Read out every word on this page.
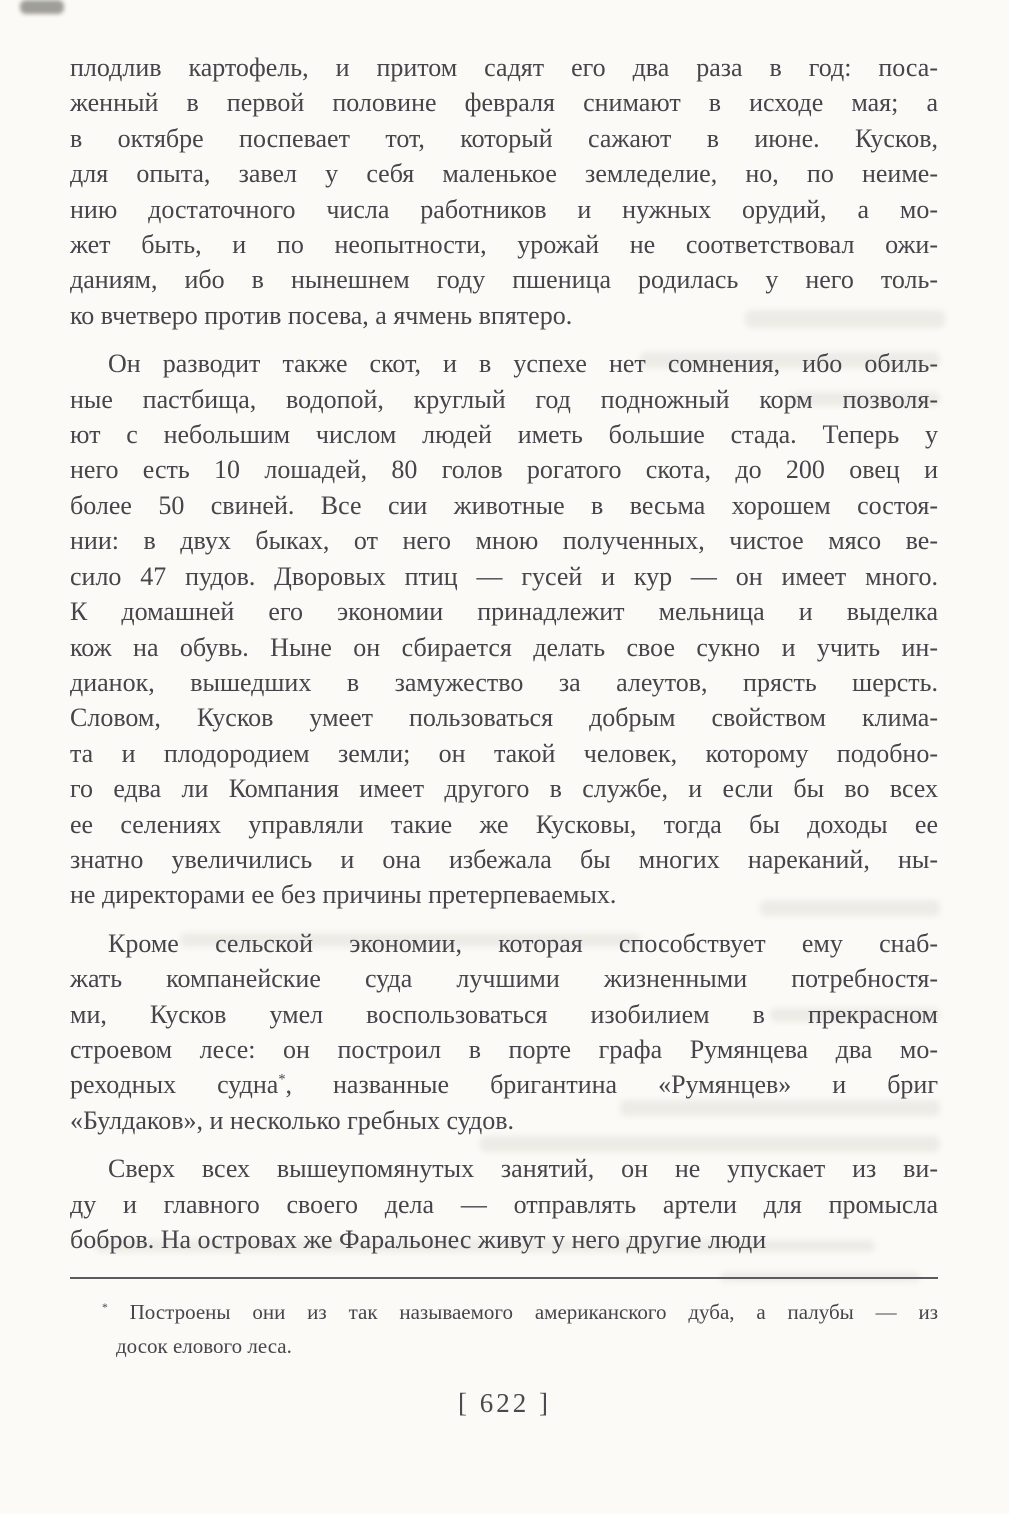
плодлив картофель, и притом садят его два раза в год: поса-
женный в первой половине февраля снимают в исходе мая; а
в октябре поспевает тот, который сажают в июне. Кусков,
для опыта, завел у себя маленькое земледелие, но, по неиме-
нию достаточного числа работников и нужных орудий, а мо-
жет быть, и по неопытности, урожай не соответствовал ожи-
даниям, ибо в нынешнем году пшеница родилась у него толь-
ко вчетверо против посева, а ячмень впятеро.
Он разводит также скот, и в успехе нет сомнения, ибо обиль-
ные пастбища, водопой, круглый год подножный корм позволя-
ют с небольшим числом людей иметь большие стада. Теперь у
него есть 10 лошадей, 80 голов рогатого скота, до 200 овец и
более 50 свиней. Все сии животные в весьма хорошем состоя-
нии: в двух быках, от него мною полученных, чистое мясо ве-
сило 47 пудов. Дворовых птиц — гусей и кур — он имеет много.
К домашней его экономии принадлежит мельница и выделка
кож на обувь. Ныне он сбирается делать свое сукно и учить ин-
дианок, вышедших в замужество за алеутов, прясть шерсть.
Словом, Кусков умеет пользоваться добрым свойством клима-
та и плодородием земли; он такой человек, которому подобно-
го едва ли Компания имеет другого в службе, и если бы во всех
ее селениях управляли такие же Кусковы, тогда бы доходы ее
знатно увеличились и она избежала бы многих нареканий, ны-
не директорами ее без причины претерпеваемых.
Кроме сельской экономии, которая способствует ему снаб-
жать компанейские суда лучшими жизненными потребностя-
ми, Кусков умел воспользоваться изобилием в прекрасном
строевом лесе: он построил в порте графа Румянцева два мо-
реходных судна*, названные бригантина «Румянцев» и бриг
«Булдаков», и несколько гребных судов.
Сверх всех вышеупомянутых занятий, он не упускает из ви-
ду и главного своего дела — отправлять артели для промысла
бобров. На островах же Фаральонес живут у него другие люди
* Построены они из так называемого американского дуба, а палубы — из
досок елового леса.
[ 622 ]
